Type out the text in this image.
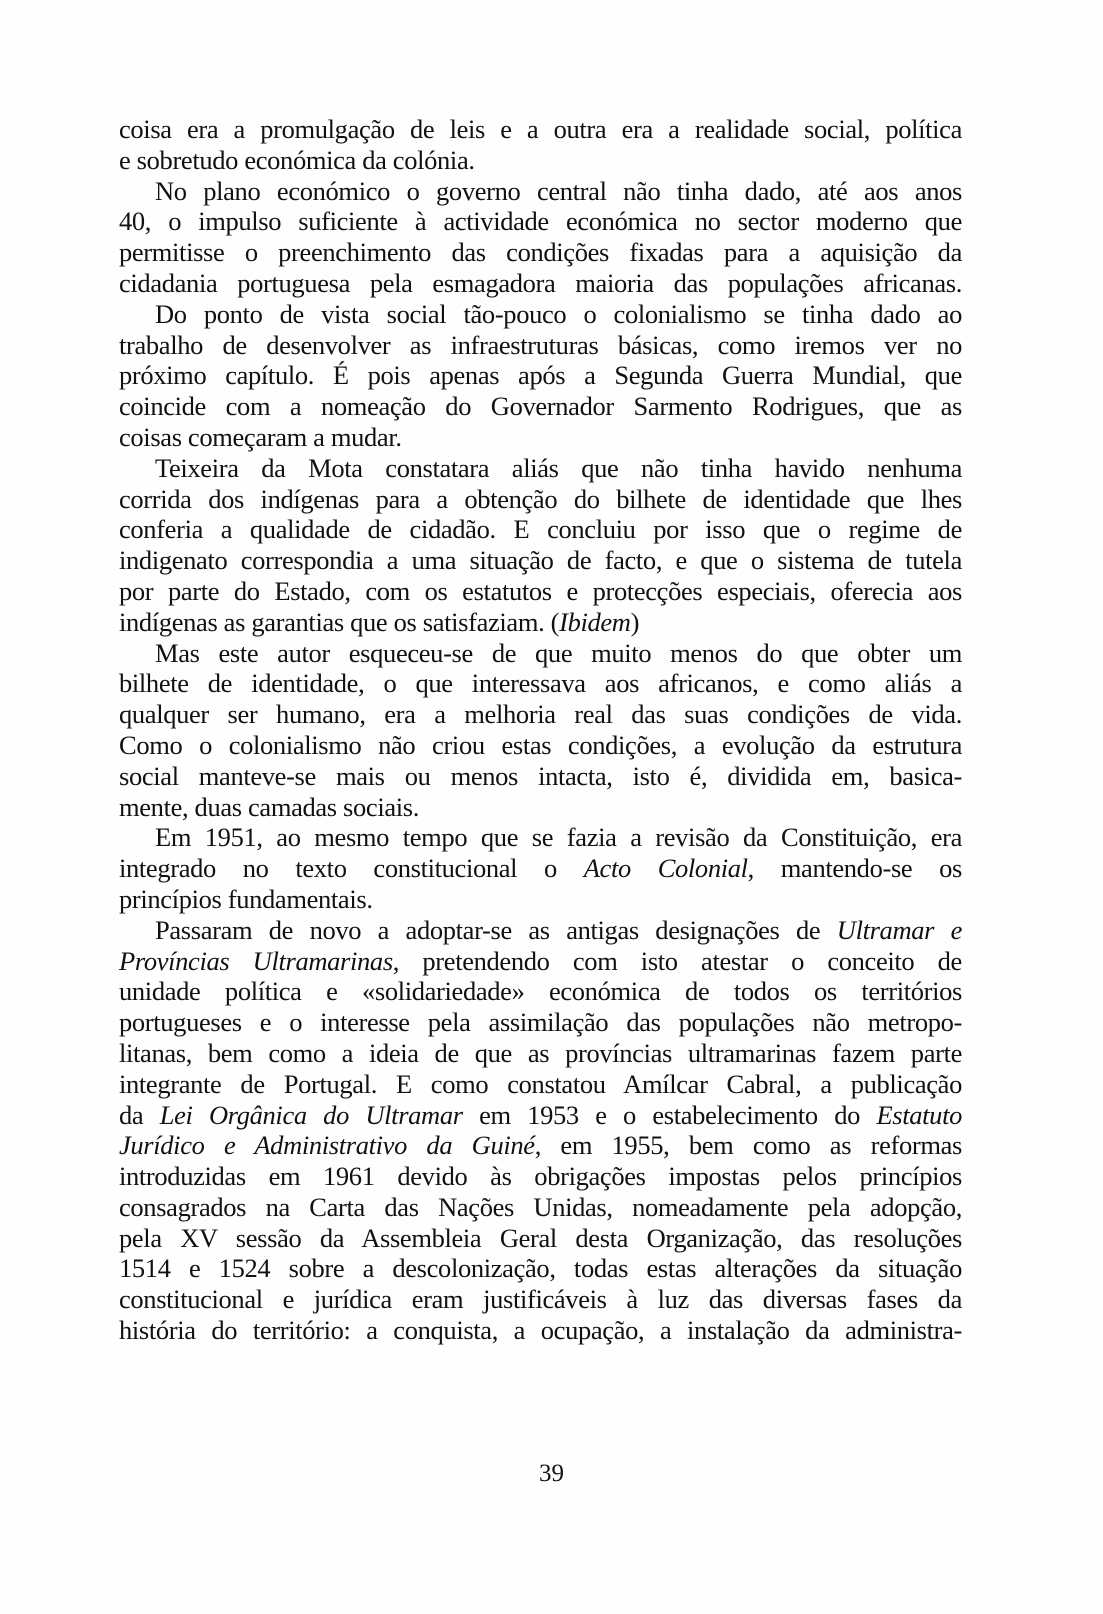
coisa era a promulgação de leis e a outra era a realidade social, política
e sobretudo económica da colónia.
No plano económico o governo central não tinha dado, até aos anos
40, o impulso suficiente à actividade económica no sector moderno que
permitisse o preenchimento das condições fixadas para a aquisição da
cidadania portuguesa pela esmagadora maioria das populações africanas.
Do ponto de vista social tão-pouco o colonialismo se tinha dado ao
trabalho de desenvolver as infraestruturas básicas, como iremos ver no
próximo capítulo. É pois apenas após a Segunda Guerra Mundial, que
coincide com a nomeação do Governador Sarmento Rodrigues, que as
coisas começaram a mudar.
Teixeira da Mota constatara aliás que não tinha havido nenhuma
corrida dos indígenas para a obtenção do bilhete de identidade que lhes
conferia a qualidade de cidadão. E concluiu por isso que o regime de
indigenato correspondia a uma situação de facto, e que o sistema de tutela
por parte do Estado, com os estatutos e protecções especiais, oferecia aos
indígenas as garantias que os satisfaziam. (Ibidem)
Mas este autor esqueceu-se de que muito menos do que obter um
bilhete de identidade, o que interessava aos africanos, e como aliás a
qualquer ser humano, era a melhoria real das suas condições de vida.
Como o colonialismo não criou estas condições, a evolução da estrutura
social manteve-se mais ou menos intacta, isto é, dividida em, basica-
mente, duas camadas sociais.
Em 1951, ao mesmo tempo que se fazia a revisão da Constituição, era
integrado no texto constitucional o Acto Colonial, mantendo-se os
princípios fundamentais.
Passaram de novo a adoptar-se as antigas designações de Ultramar e
Províncias Ultramarinas, pretendendo com isto atestar o conceito de
unidade política e «solidariedade» económica de todos os territórios
portugueses e o interesse pela assimilação das populações não metropo-
litanas, bem como a ideia de que as províncias ultramarinas fazem parte
integrante de Portugal. E como constatou Amílcar Cabral, a publicação
da Lei Orgânica do Ultramar em 1953 e o estabelecimento do Estatuto
Jurídico e Administrativo da Guiné, em 1955, bem como as reformas
introduzidas em 1961 devido às obrigações impostas pelos princípios
consagrados na Carta das Nações Unidas, nomeadamente pela adopção,
pela XV sessão da Assembleia Geral desta Organização, das resoluções
1514 e 1524 sobre a descolonização, todas estas alterações da situação
constitucional e jurídica eram justificáveis à luz das diversas fases da
história do território: a conquista, a ocupação, a instalação da administra-
39
